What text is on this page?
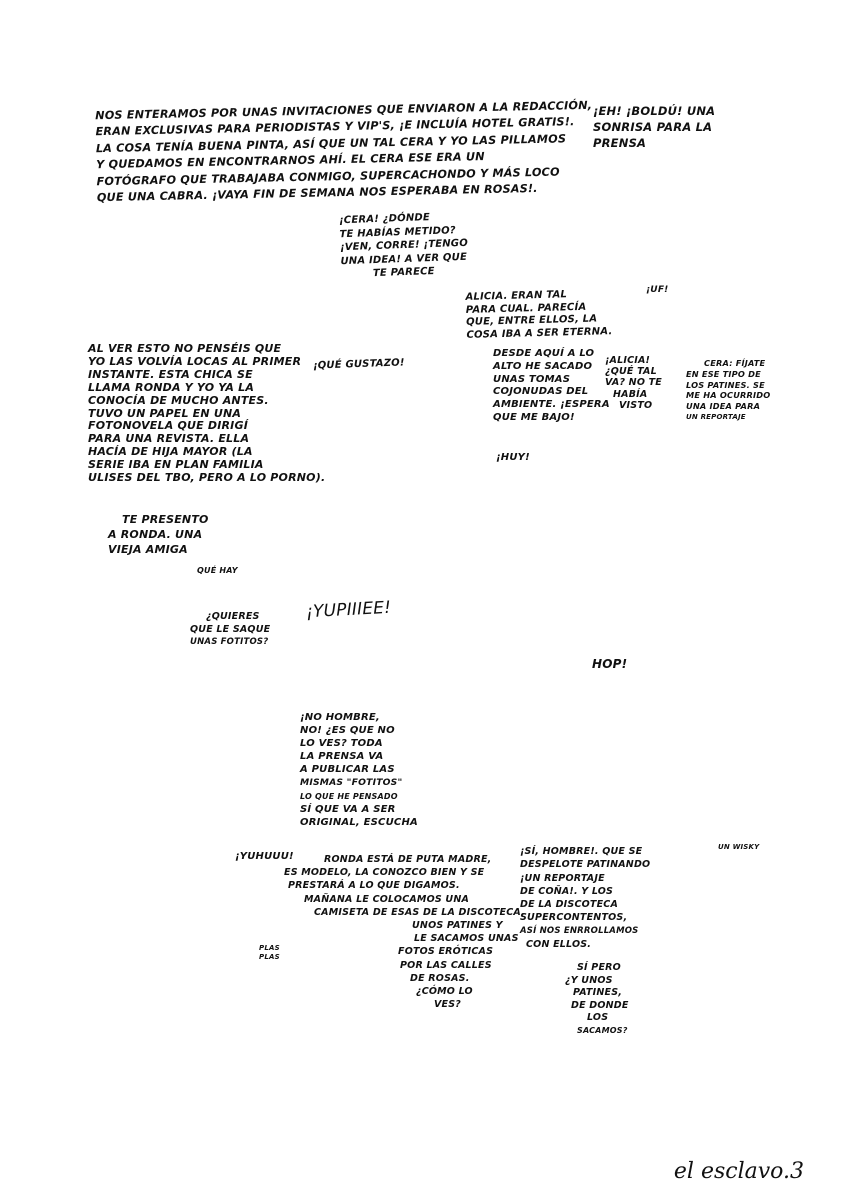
NOS ENTERAMOS POR UNAS INVITACIONES QUE ENVIARON A LA REDACCIÓN,
ERAN EXCLUSIVAS PARA PERIODISTAS Y VIP'S, ¡E INCLUÍA HOTEL GRATIS!.
LA COSA TENÍA BUENA PINTA, ASÍ QUE UN TAL CERA Y YO LAS PILLAMOS
Y QUEDAMOS EN ENCONTRARNOS AHÍ. EL CERA ESE ERA UN
FOTÓGRAFO QUE TRABAJABA CONMIGO, SUPERCACHONDO Y MÁS LOCO
QUE UNA CABRA. ¡VAYA FIN DE SEMANA NOS ESPERABA EN ROSAS!.

¡EH! ¡BOLDÚ! UNA
SONRISA PARA LA
PRENSA

¡CERA! ¿DÓNDE
TE HABÍAS METIDO?
¡VEN, CORRE! ¡TENGO
UNA IDEA! A VER QUE
TE PARECE

ALICIA. ERAN TAL
PARA CUAL. PARECÍA
QUE, ENTRE ELLOS, LA
COSA IBA A SER ETERNA.

¡UF!

AL VER ESTO NO PENSÉIS QUE
YO LAS VOLVÍA LOCAS AL PRIMER
INSTANTE. ESTA CHICA SE
LLAMA RONDA Y YO YA LA
CONOCÍA DE MUCHO ANTES.
TUVO UN PAPEL EN UNA
FOTONOVELA QUE DIRIGÍ
PARA UNA REVISTA. ELLA
HACÍA DE HIJA MAYOR (LA
SERIE IBA EN PLAN FAMILIA
ULISES DEL TBO, PERO A LO PORNO).

¡QUÉ GUSTAZO!

DESDE AQUÍ A LO
ALTO HE SACADO
UNAS TOMAS
COJONUDAS DEL
AMBIENTE. ¡ESPERA
QUE ME BAJO!

¡ALICIA!
¿QUÉ TAL
VA? NO TE
HABÍA
VISTO

CERA: FÍJATE
EN ESE TIPO DE
LOS PATINES. SE
ME HA OCURRIDO
UNA IDEA PARA
UN REPORTAJE

¡HUY!

TE PRESENTO
A RONDA. UNA
VIEJA AMIGA

QUÉ HAY

¿QUIERES
QUE LE SAQUE
UNAS FOTITOS?

¡YUPIIIEE!

HOP!

¡NO HOMBRE,
NO! ¿ES QUE NO
LO VES? TODA
LA PRENSA VA
A PUBLICAR LAS
MISMAS "FOTITOS"
LO QUE HE PENSADO
SÍ QUE VA A SER
ORIGINAL, ESCUCHA

¡YUHUUU!

PLAS
PLAS

RONDA ESTÁ DE PUTA MADRE,
ES MODELO, LA CONOZCO BIEN Y SE
PRESTARÁ A LO QUE DIGAMOS.
MAÑANA LE COLOCAMOS UNA
CAMISETA DE ESAS DE LA DISCOTECA,
UNOS PATINES Y
LE SACAMOS UNAS
FOTOS ERÓTICAS
POR LAS CALLES
DE ROSAS.
¿CÓMO LO
VES?

¡SÍ, HOMBRE!. QUE SE
DESPELOTE PATINANDO
¡UN REPORTAJE
DE COÑA!. Y LOS
DE LA DISCOTECA
SUPERCONTENTOS,
ASÍ NOS ENRROLLAMOS
CON ELLOS.

UN WISKY

SÍ PERO
¿Y UNOS
PATINES,
DE DONDE
LOS
SACAMOS?

el esclavo.3
